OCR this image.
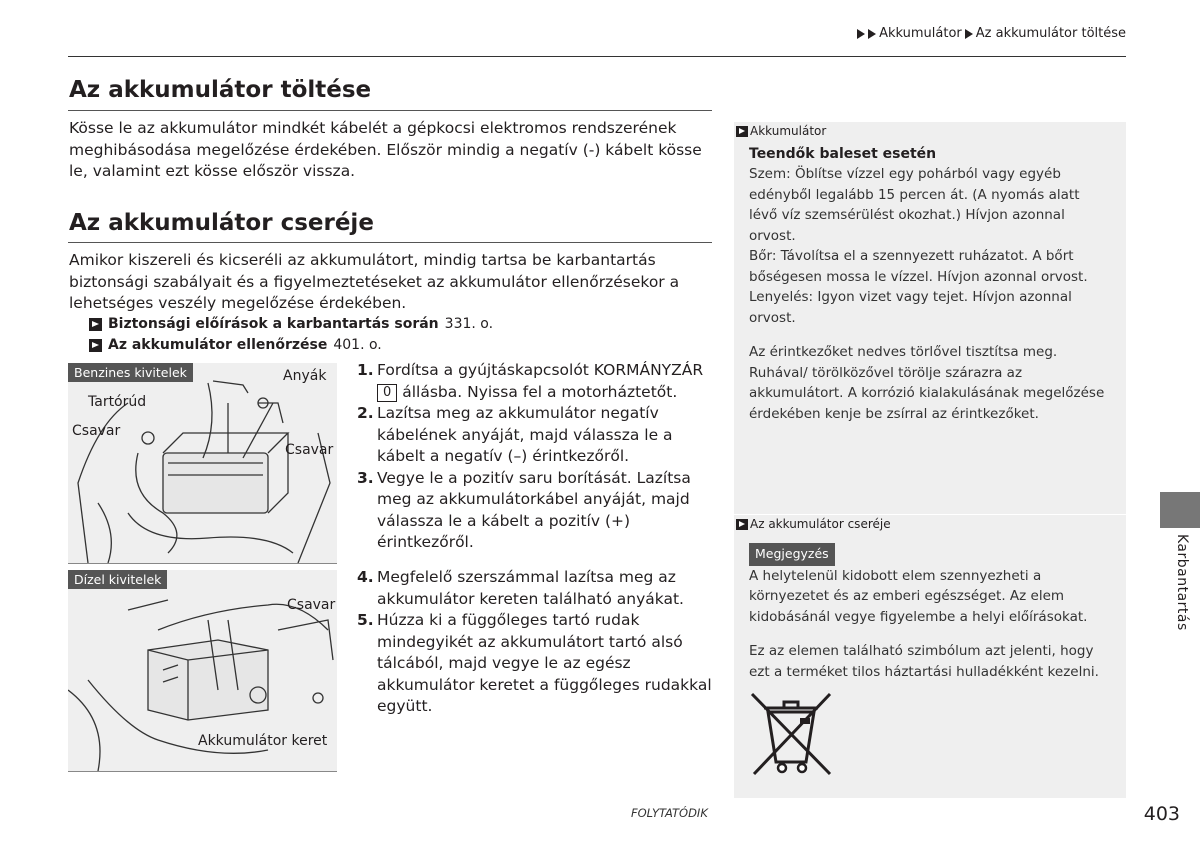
Akkumulátor Az akkumulátor töltése
Az akkumulátor töltése
Kösse le az akkumulátor mindkét kábelét a gépkocsi elektromos rendszerének meghibásodása megelőzése érdekében. Először mindig a negatív (-) kábelt kösse le, valamint ezt kösse először vissza.
Az akkumulátor cseréje
Amikor kiszereli és kicseréli az akkumulátort, mindig tartsa be karbantartás biztonsági szabályait és a figyelmeztetéseket az akkumulátor ellenőrzésekor a lehetséges veszély megelőzése érdekében.
Biztonsági előírások a karbantartás során 331. o.
Az akkumulátor ellenőrzése 401. o.
Benzines kivitelek	Anyák
Tartórúd
Csavar
Csavar
Dízel kivitelek
Csavar
Akkumulátor keret
1. Fordítsa a gyújtáskapcsolót KORMÁNYZÁR 0 állásba. Nyissa fel a motorháztetőt.
2. Lazítsa meg az akkumulátor negatív kábelének anyáját, majd válassza le a kábelt a negatív (–) érintkezőről.
3. Vegye le a pozitív saru borítását. Lazítsa meg az akkumulátorkábel anyáját, majd válassza le a kábelt a pozitív (+) érintkezőről.
4. Megfelelő szerszámmal lazítsa meg az akkumulátor kereten található anyákat.
5. Húzza ki a függőleges tartó rudak mindegyikét az akkumulátort tartó alsó tálcából, majd vegye le az egész akkumulátor keretet a függőleges rudakkal együtt.
Akkumulátor
Teendők baleset esetén
Szem: Öblítse vízzel egy pohárból vagy egyéb edényből legalább 15 percen át. (A nyomás alatt lévő víz szemsérülést okozhat.) Hívjon azonnal orvost.
Bőr: Távolítsa el a szennyezett ruházatot. A bőrt bőségesen mossa le vízzel. Hívjon azonnal orvost.
Lenyelés: Igyon vizet vagy tejet. Hívjon azonnal orvost.
Az érintkezőket nedves törlővel tisztítsa meg. Ruhával/ törölközővel törölje szárazra az akkumulátort. A korrózió kialakulásának megelőzése érdekében kenje be zsírral az érintkezőket.
Az akkumulátor cseréje
Megjegyzés
A helytelenül kidobott elem szennyezheti a környezetet és az emberi egészséget. Az elem kidobásánál vegye figyelembe a helyi előírásokat.
Ez az elemen található szimbólum azt jelenti, hogy ezt a terméket tilos háztartási hulladékként kezelni.
Karbantartás
FOLYTATÓDIK	403
